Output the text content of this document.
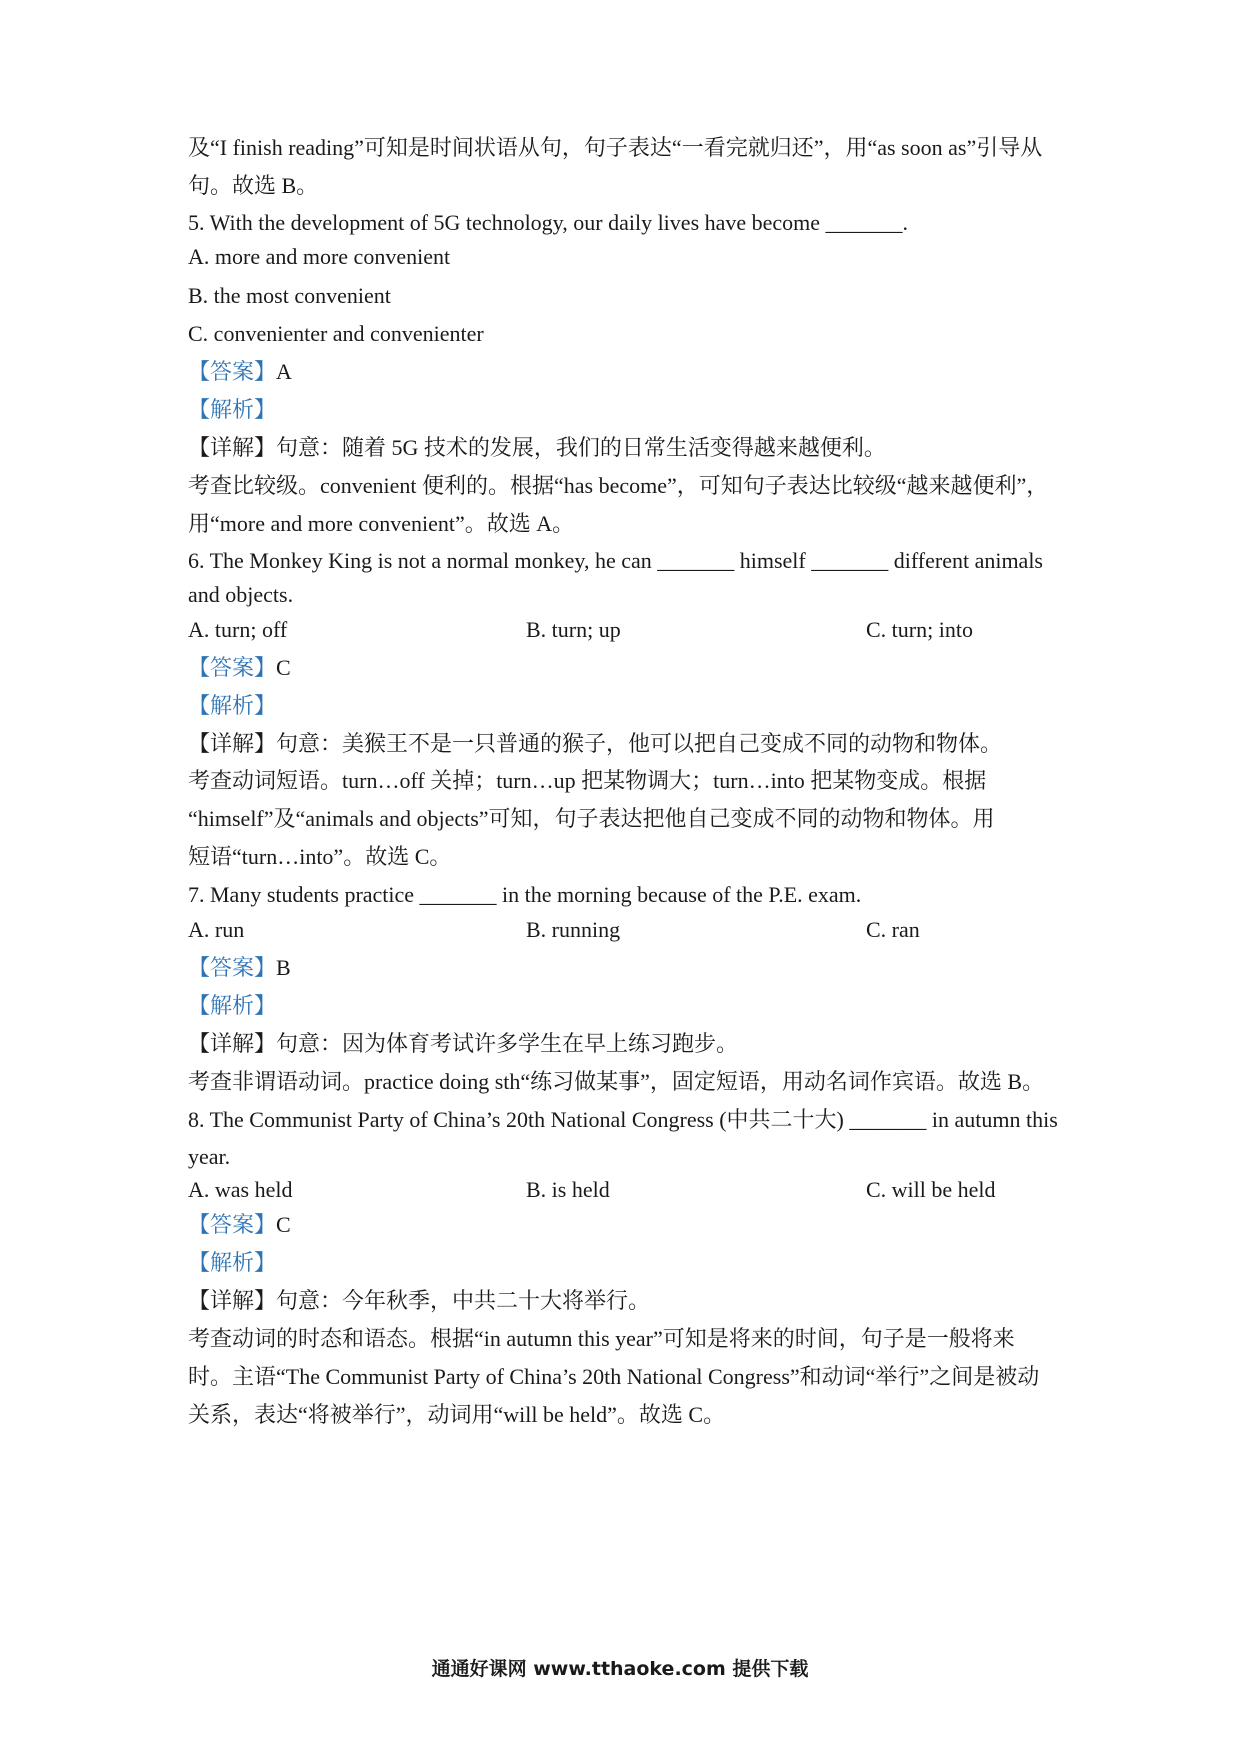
及“I finish reading”可知是时间状语从句，句子表达“一看完就归还”，用“as soon as”引导从
句。故选 B。
5. With the development of 5G technology, our daily lives have become _______.
A. more and more convenient
B. the most convenient
C. convenienter and convenienter
【答案】A
【解析】
【详解】句意：随着 5G 技术的发展，我们的日常生活变得越来越便利。
考查比较级。convenient 便利的。根据“has become”，可知句子表达比较级“越来越便利”，
用“more and more convenient”。故选 A。
6. The Monkey King is not a normal monkey, he can _______ himself _______ different animals
and objects.
A. turn; off	B. turn; up	C. turn; into
【答案】C
【解析】
【详解】句意：美猴王不是一只普通的猴子，他可以把自己变成不同的动物和物体。
考查动词短语。turn…off 关掉；turn…up 把某物调大；turn…into 把某物变成。根据
“himself”及“animals and objects”可知，句子表达把他自己变成不同的动物和物体。用
短语“turn…into”。故选 C。
7. Many students practice _______ in the morning because of the P.E. exam.
A. run	B. running	C. ran
【答案】B
【解析】
【详解】句意：因为体育考试许多学生在早上练习跑步。
考查非谓语动词。practice doing sth“练习做某事”，固定短语，用动名词作宾语。故选 B。
8. The Communist Party of China’s 20th National Congress (中共二十大) _______ in autumn this
year.
A. was held	B. is held	C. will be held
【答案】C
【解析】
【详解】句意：今年秋季，中共二十大将举行。
考查动词的时态和语态。根据“in autumn this year”可知是将来的时间，句子是一般将来
时。主语“The Communist Party of China’s 20th National Congress”和动词“举行”之间是被动
关系，表达“将被举行”，动词用“will be held”。故选 C。
通通好课网 www.tthaoke.com 提供下载
